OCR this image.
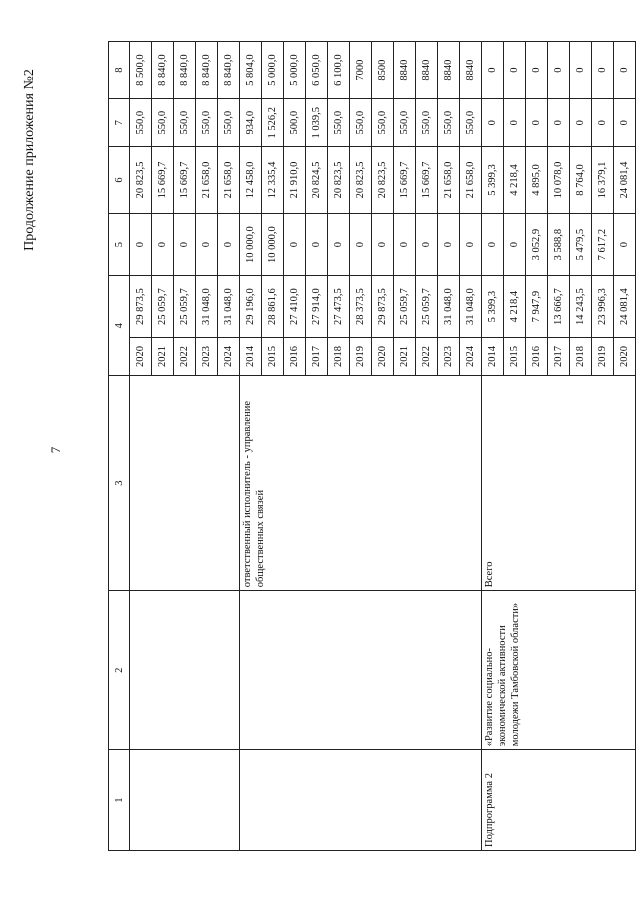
7
Продолжение приложения №2
1	2	3	4		5	6	7	8
			2020	29 873,5	0	20 823,5	550,0	8 500,0
			2021	25 059,7	0	15 669,7	550,0	8 840,0
			2022	25 059,7	0	15 669,7	550,0	8 840,0
			2023	31 048,0	0	21 658,0	550,0	8 840,0
			2024	31 048,0	0	21 658,0	550,0	8 840,0
		ответственный исполнитель - управление общественных связей	2014	29 196,0	10 000,0	12 458,0	934,0	5 804,0
			2015	28 861,6	10 000,0	12 335,4	1 526,2	5 000,0
			2016	27 410,0	0	21 910,0	500,0	5 000,0
			2017	27 914,0	0	20 824,5	1 039,5	6 050,0
			2018	27 473,5	0	20 823,5	550,0	6 100,0
			2019	28 373,5	0	20 823,5	550,0	7000
			2020	29 873,5	0	20 823,5	550,0	8500
			2021	25 059,7	0	15 669,7	550,0	8840
			2022	25 059,7	0	15 669,7	550,0	8840
			2023	31 048,0	0	21 658,0	550,0	8840
			2024	31 048,0	0	21 658,0	550,0	8840
Подпрограмма 2	«Развитие социально-экономической активности молодежи Тамбовской области»	Всего	2014	5 399,3	0	5 399,3	0	0
			2015	4 218,4	0	4 218,4	0	0
			2016	7 947,9	3 052,9	4 895,0	0	0
			2017	13 666,7	3 588,8	10 078,0	0	0
			2018	14 243,5	5 479,5	8 764,0	0	0
			2019	23 996,3	7 617,2	16 379,1	0	0
			2020	24 081,4	0	24 081,4	0	0
